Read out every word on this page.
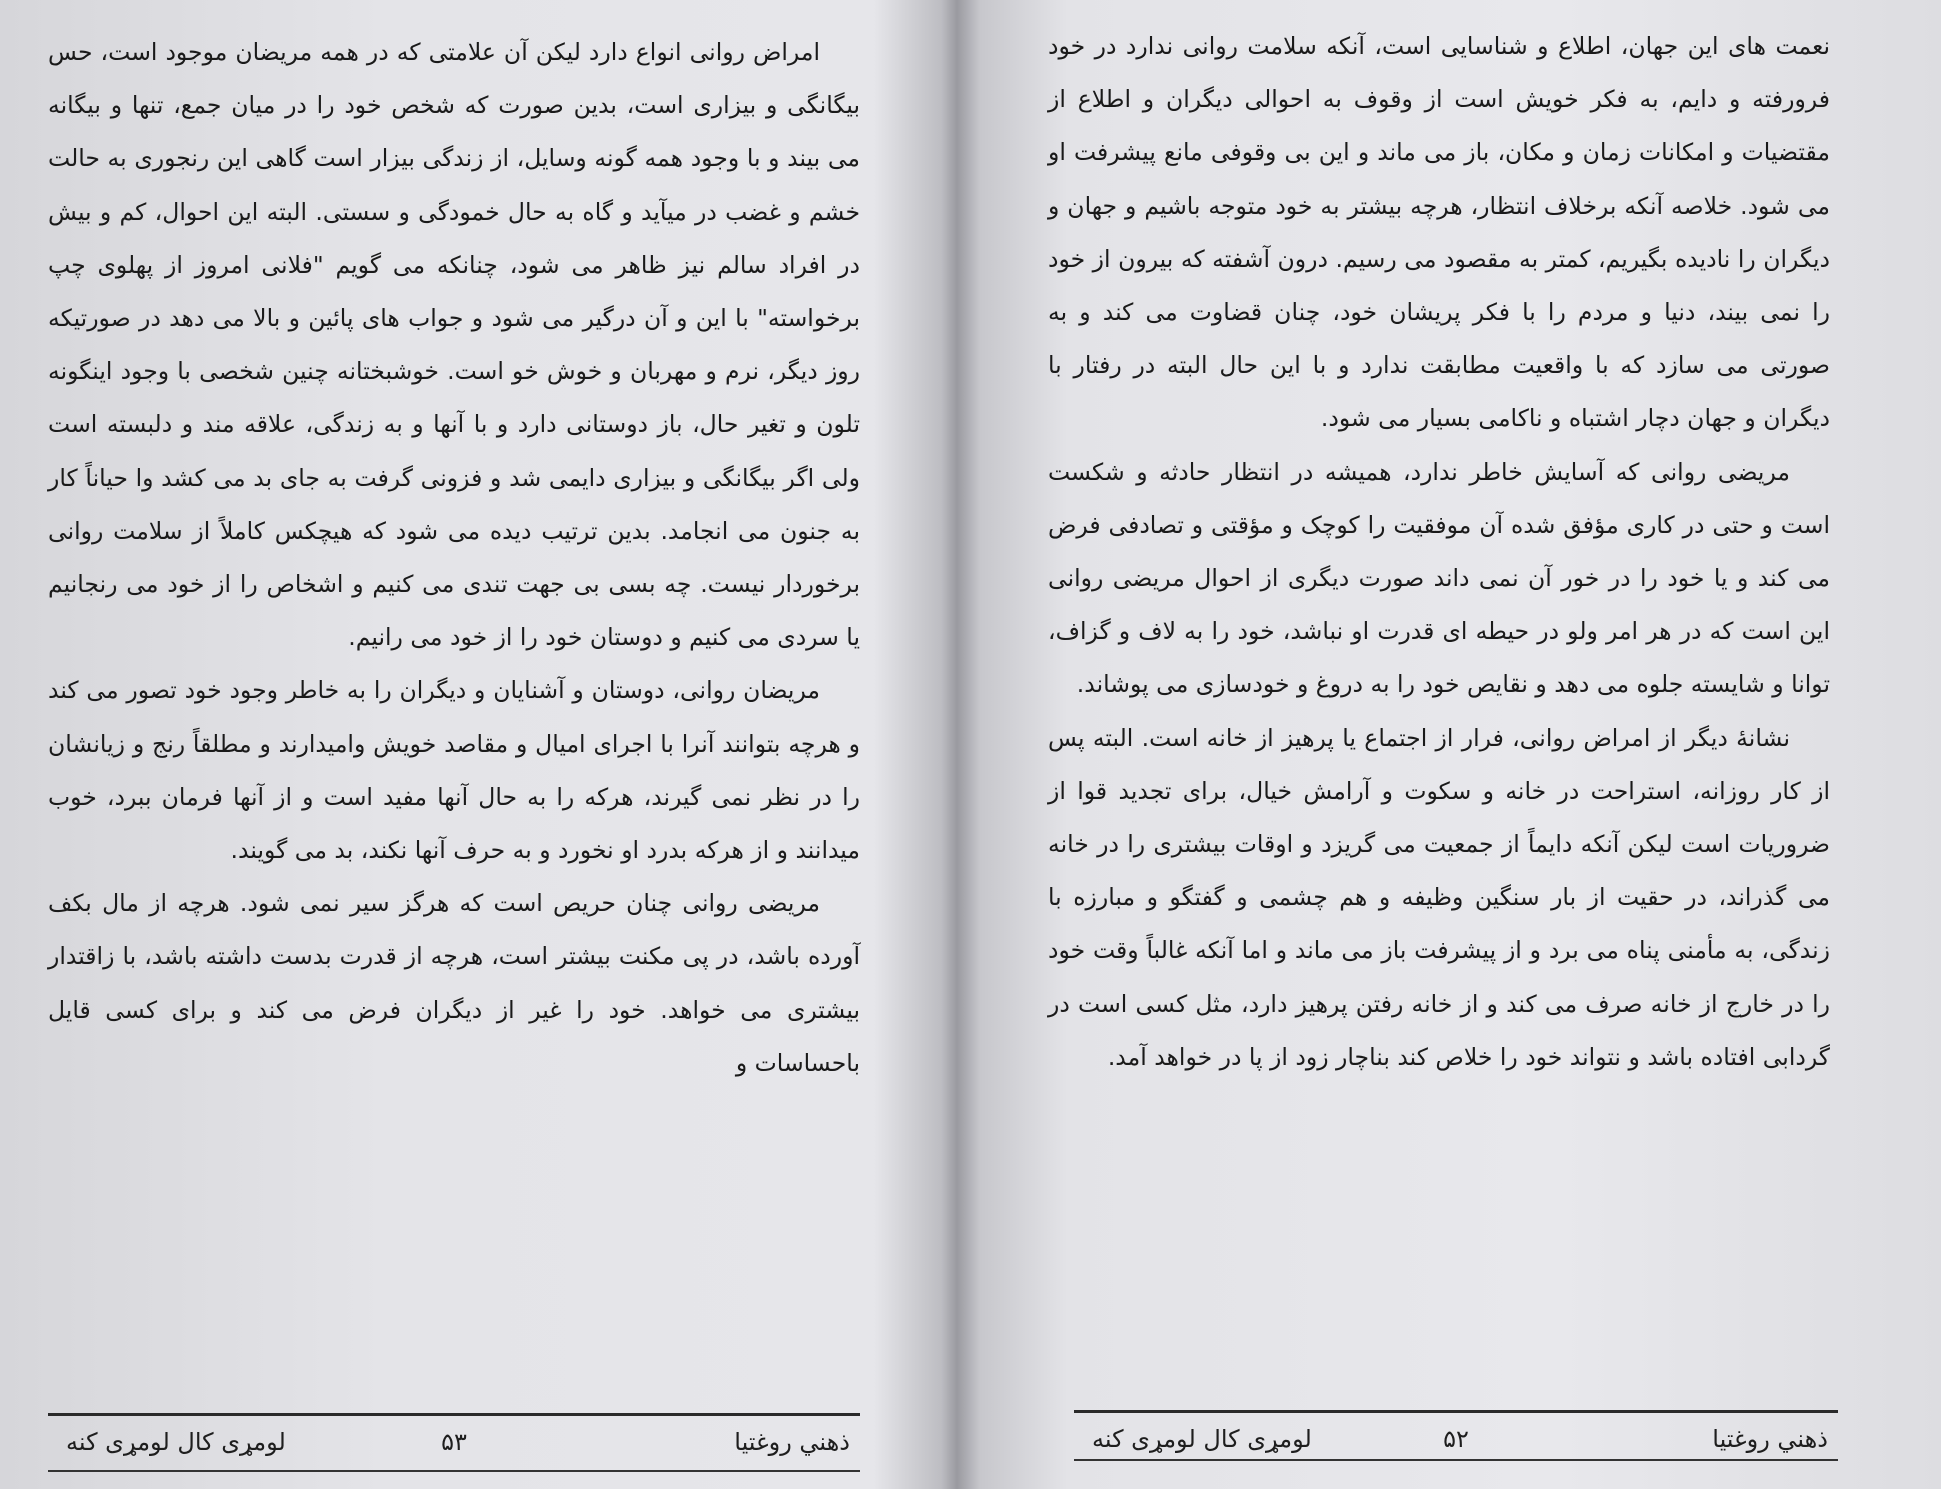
امراض روانی انواع دارد لیکن آن علامتی که در همه مریضان موجود است، حس بیگانگی و بیزاری است، بدین صورت که شخص خود را در میان جمع، تنها و بیگانه می بیند و با وجود همه گونه وسایل، از زندگی بیزار است گاهی این رنجوری به حالت خشم و غضب در میآید و گاه به حال خمودگی و سستی. البته این احوال، کم و بیش در افراد سالم نیز ظاهر می شود، چنانکه می گویم "فلانی امروز از پهلوی چپ برخواسته" با این و آن درگیر می شود و جواب های پائین و بالا می دهد در صورتیکه روز دیگر، نرم و مهربان و خوش خو است. خوشبختانه چنین شخصی با وجود اینگونه تلون و تغیر حال، باز دوستانی دارد و با آنها و به زندگی، علاقه مند و دلبسته است ولی اگر بیگانگی و بیزاری دایمی شد و فزونی گرفت به جای بد می کشد وا حیاناً کار به جنون می انجامد. بدین ترتیب دیده می شود که هیچکس کاملاً از سلامت روانی برخوردار نیست. چه بسی بی جهت تندی می کنیم و اشخاص را از خود می رنجانیم یا سردی می کنیم و دوستان خود را از خود می رانیم.

مریضان روانی، دوستان و آشنایان و دیگران را به خاطر وجود خود تصور می کند و هرچه بتوانند آنرا با اجرای امیال و مقاصد خویش وامیدارند و مطلقاً رنج و زیانشان را در نظر نمی گیرند، هرکه را به حال آنها مفید است و از آنها فرمان ببرد، خوب میدانند و از هرکه بدرد او نخورد و به حرف آنها نکند، بد می گویند.

مریضی روانی چنان حریص است که هرگز سیر نمی شود. هرچه از مال بکف آورده باشد، در پی مکنت بیشتر است، هرچه از قدرت بدست داشته باشد، با زاقتدار بیشتری می خواهد. خود را غیر از دیگران فرض می کند و برای کسی قایل باحساسات و

ذهني روغتيا
۵۳
لومړی کال لومړی کنه

نعمت های این جهان، اطلاع و شناسایی است، آنکه سلامت روانی ندارد در خود فرورفته و دایم، به فکر خویش است از وقوف به احوالی دیگران و اطلاع از مقتضیات و امکانات زمان و مکان، باز می ماند و این بی وقوفی مانع پیشرفت او می شود. خلاصه آنکه برخلاف انتظار، هرچه بیشتر به خود متوجه باشیم و جهان و دیگران را نادیده بگیریم، کمتر به مقصود می رسیم. درون آشفته که بیرون از خود را نمی بیند، دنیا و مردم را با فکر پریشان خود، چنان قضاوت می کند و به صورتی می سازد که با واقعیت مطابقت ندارد و با این حال البته در رفتار با دیگران و جهان دچار اشتباه و ناکامی بسیار می شود.

مریضی روانی که آسایش خاطر ندارد، همیشه در انتظار حادثه و شکست است و حتی در کاری مؤفق شده آن موفقیت را کوچک و مؤقتی و تصادفی فرض می کند و یا خود را در خور آن نمی داند صورت دیگری از احوال مریضی روانی این است که در هر امر ولو در حیطه ای قدرت او نباشد، خود را به لاف و گزاف، توانا و شایسته جلوه می دهد و نقایص خود را به دروغ و خودسازی می پوشاند.

نشانهٔ دیگر از امراض روانی، فرار از اجتماع یا پرهیز از خانه است. البته پس از کار روزانه، استراحت در خانه و سکوت و آرامش خیال، برای تجدید قوا از ضروریات است لیکن آنکه دایماً از جمعیت می گریزد و اوقات بیشتری را در خانه می گذراند، در حقیت از بار سنگین وظیفه و هم چشمی و گفتگو و مبارزه با زندگی، به مأمنی پناه می برد و از پیشرفت باز می ماند و اما آنکه غالباً وقت خود را در خارج از خانه صرف می کند و از خانه رفتن پرهیز دارد، مثل کسی است در گردابی افتاده باشد و نتواند خود را خلاص کند بناچار زود از پا در خواهد آمد.

ذهني روغتيا
۵۲
لومړی کال لومړی کنه
